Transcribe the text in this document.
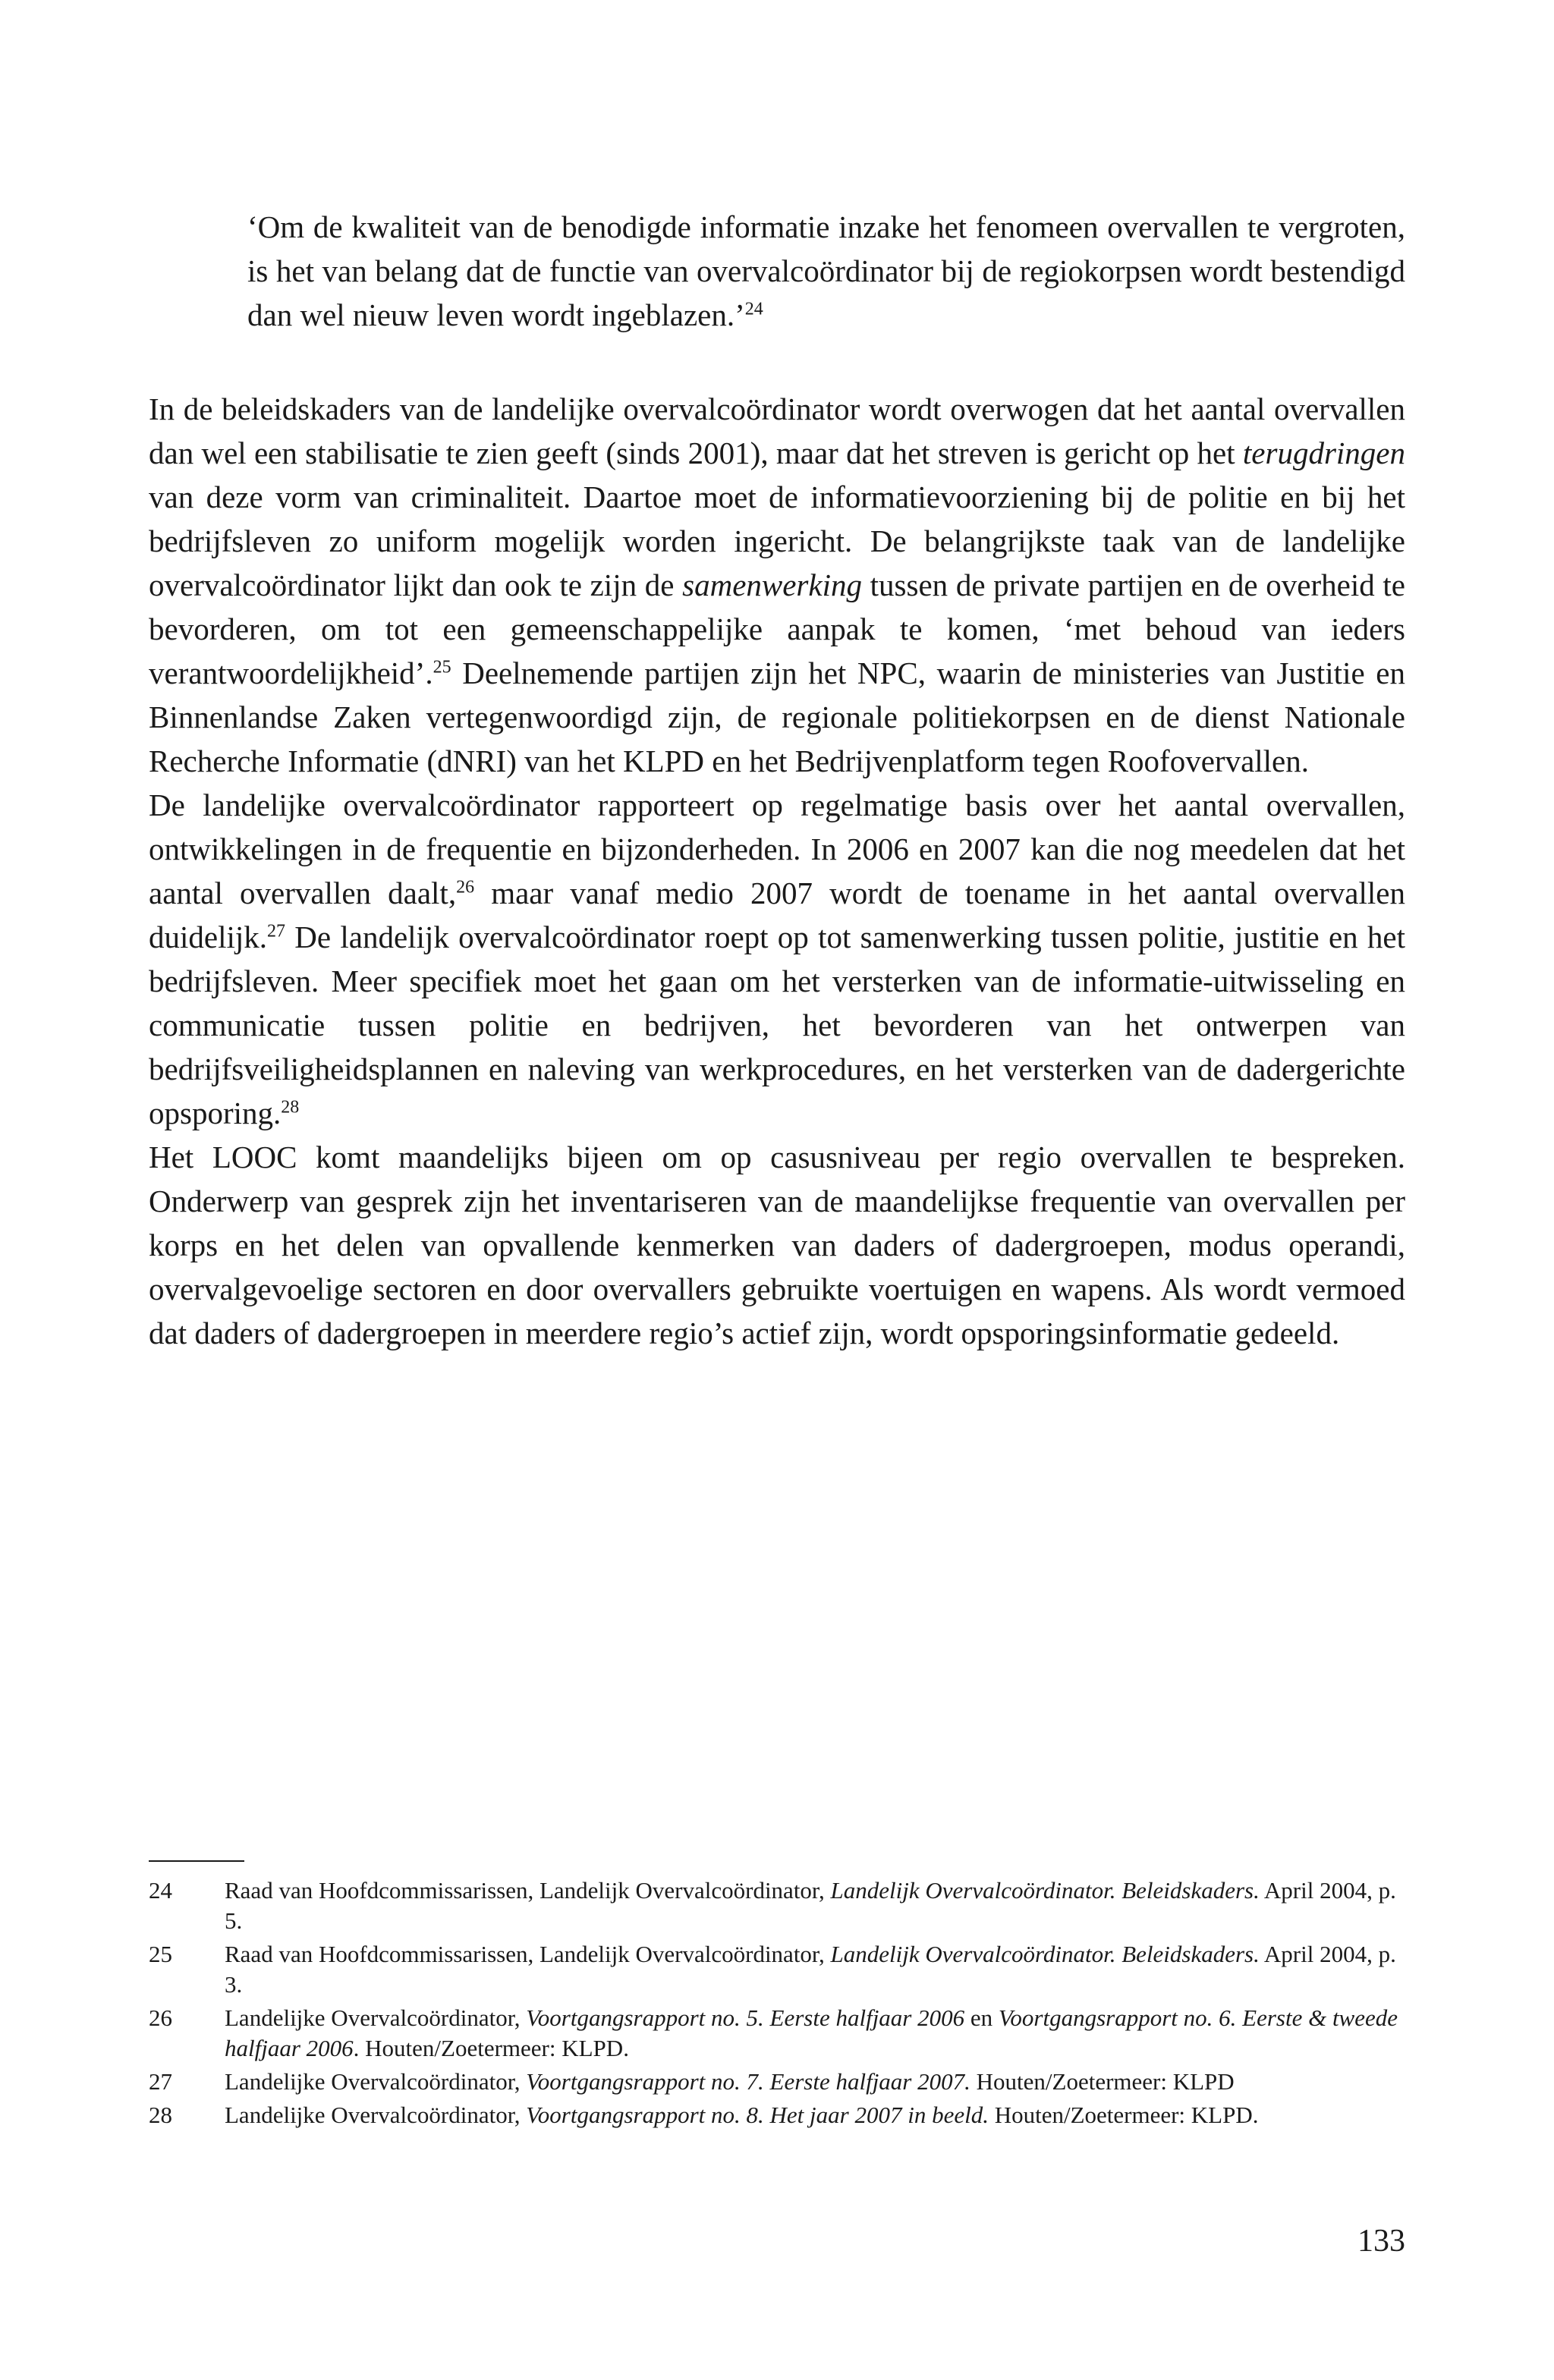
‘Om de kwaliteit van de benodigde informatie inzake het fenomeen overvallen te vergroten, is het van belang dat de functie van overvalcoördinator bij de regiokorpsen wordt bestendigd dan wel nieuw leven wordt ingeblazen.’$^{24}$

In de beleidskaders van de landelijke overvalcoördinator wordt overwogen dat het aantal overvallen dan wel een stabilisatie te zien geeft (sinds 2001), maar dat het streven is gericht op het terugdringen van deze vorm van criminaliteit. Daartoe moet de informatievoorziening bij de politie en bij het bedrijfsleven zo uniform mogelijk worden ingericht. De belangrijkste taak van de landelijke overvalcoördinator lijkt dan ook te zijn de samenwerking tussen de private partijen en de overheid te bevorderen, om tot een gemeenschappelijke aanpak te komen, ‘met behoud van ieders verantwoordelijkheid’.$^{25}$ Deelnemende partijen zijn het NPC, waarin de ministeries van Justitie en Binnenlandse Zaken vertegenwoordigd zijn, de regionale politiekorpsen en de dienst Nationale Recherche Informatie (dNRI) van het KLPD en het Bedrijvenplatform tegen Roofovervallen.

De landelijke overvalcoördinator rapporteert op regelmatige basis over het aantal overvallen, ontwikkelingen in de frequentie en bijzonderheden. In 2006 en 2007 kan die nog meedelen dat het aantal overvallen daalt,$^{26}$ maar vanaf medio 2007 wordt de toename in het aantal overvallen duidelijk.$^{27}$ De landelijk overvalcoördinator roept op tot samenwerking tussen politie, justitie en het bedrijfsleven. Meer specifiek moet het gaan om het versterken van de informatie-uitwisseling en communicatie tussen politie en bedrijven, het bevorderen van het ontwerpen van bedrijfsveiligheidsplannen en naleving van werkprocedures, en het versterken van de dadergerichte opsporing.$^{28}$

Het LOOC komt maandelijks bijeen om op casusniveau per regio overvallen te bespreken. Onderwerp van gesprek zijn het inventariseren van de maandelijkse frequentie van overvallen per korps en het delen van opvallende kenmerken van daders of dadergroepen, modus operandi, overvalgevoelige sectoren en door overvallers gebruikte voertuigen en wapens. Als wordt vermoed dat daders of dadergroepen in meerdere regio’s actief zijn, wordt opsporingsinformatie gedeeld.

24	Raad van Hoofdcommissarissen, Landelijk Overvalcoördinator, Landelijk Overvalcoördinator. Beleidskaders. April 2004, p. 5.
25	Raad van Hoofdcommissarissen, Landelijk Overvalcoördinator, Landelijk Overvalcoördinator. Beleidskaders. April 2004, p. 3.
26	Landelijke Overvalcoördinator, Voortgangsrapport no. 5. Eerste halfjaar 2006 en Voortgangsrapport no. 6. Eerste & tweede halfjaar 2006. Houten/Zoetermeer: KLPD.
27	Landelijke Overvalcoördinator, Voortgangsrapport no. 7. Eerste halfjaar 2007. Houten/Zoetermeer: KLPD
28	Landelijke Overvalcoördinator, Voortgangsrapport no. 8. Het jaar 2007 in beeld. Houten/Zoetermeer: KLPD.
133
